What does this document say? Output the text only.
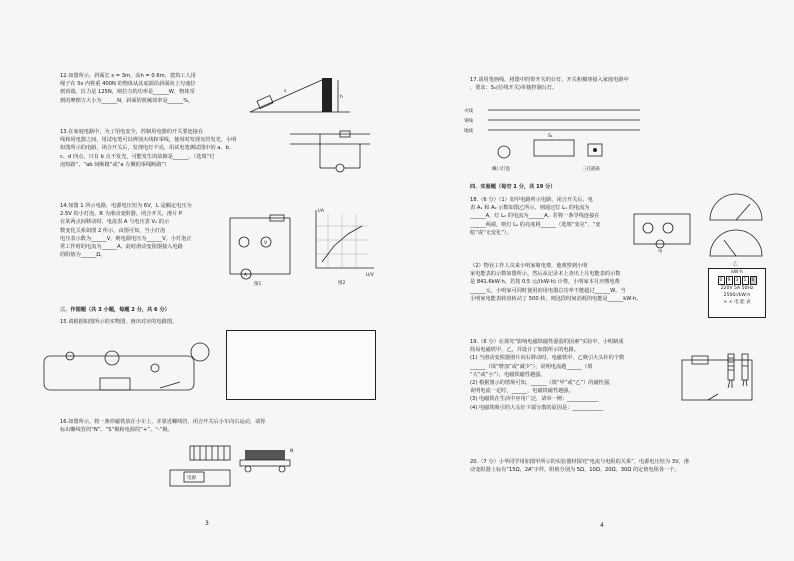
12.如图所示，斜面长 s = 3m，高h = 0.6m，建筑工人用

绳子在 5s 内将重 400N 的物体从其底端沿斜面向上匀速拉

到顶端，拉力是 125N，则拉力的功率是______W，物体受

到的摩擦力大小为______N，斜面的机械效率是______%。

h
s

13.在家庭电路中，为了用电安全，控制用电器的开关要连接在

线和用电器之间。用试电笔可以辨别火线和零线，使用时发现氖管发光，小明

如图所示的电路，闭合开关后，发现电灯不亮，用试电笔测试图中的 a、b、

c、d 四点，只有 b 点不发光，可能发生的故障是______。（选填“灯

泡短路”、“ab 间断路”或“a 左侧的零线断路”）

14.如图 1 所示电路，电源电压恒为 6V，L 是额定电压为

2.5V 的小灯泡，R 为滑动变阻器。闭合开关，滑片 P

在某两点间移动时，电流表 A 与电压表 V₂ 的示

数变化关系如图 2 所示。由图可知，当小灯泡

电压表示数为______V，则电源电压为______V。小灯泡正

常工作时的电流为______A。此时滑动变阻器接入电路

的阻值为______Ω。

V
A
图1
I/A
U/V
图2

三．作图题（共 3 小题，每题 2 分，共 6 分）

15.请根据如图所示的实物图，画出对应的电路图。

16.如图所示，将一条形磁铁放在小车上，并靠近螺线管，闭合开关后小车向右运动，请你

标出螺线管的“N”、“S”极和电源的“+”、“-”极。

N
电源
3

17.请用笔画线，将图中的带开关的台灯、开关和插座接入家庭电路中

，要求：S₁(拉线开关)单独控制台灯。

火线
零线
地线
S₁
螺口灯泡	三孔插座

四．实验题（每空 1 分，共 19 分）

18.（6 分）（1）如甲电路所示电路，闭合开关后，电

表 A₁ 和 A₂ 示数如图乙所示，则通过灯 L₁ 的电流为

______A，灯 L₂ 的电流为______A。若将一条导线连接在

______两端，则灯 L₁ 的亮度将______（选填“变亮”、“变

暗”或“无变化”）。

甲
乙

（2）物业工作人员来小明家收电费，他观察到小明

家电能表的示数如图所示，然后从记录本上查出上月电能表的示数

是 841.6kW·h。若按 0.5 元/(kW·h) 计费，小明家本月应缴电费

______元，小明家可同时使用的用电器总功率不能超过______W。当

小明家电能表转盘转动了 500 转，则这段时间消耗的电能是______kW·h。

kW·h
0	9	3	1	6
220V 5A 50Hz
2500r/kW·h
× × 电 能 表

19.（6 分）在探究“影响电磁铁磁性强弱的因素”实验中，小明制成

简易电磁铁甲、乙，并设计了如图所示的电路。

(1) 当滑动变阻器滑片向右移动时，电磁铁甲、乙吸引大头针的个数

______（填“增加”或“减少”），说明电流越______（填

“大”或“小”），电磁铁磁性越强。

(2) 根据图示的情境可知，______（填“甲”或“乙”）的磁性强，

说明电流一定时，______，电磁铁磁性越强。

(3) 电磁铁在生活中应用广泛，请举一例：____________

(4) 电磁铁吸引的大头针下端分散的原因是：____________

20.（7 分）小华同学用如图甲所示的实验器材探究“电流与电阻的关系”，电源电压恒为 3V，滑

动变阻器上标有“15Ω，2A”字样，阻值分别为 5Ω、10Ω、20Ω、30Ω 的定值电阻各一个。

4
